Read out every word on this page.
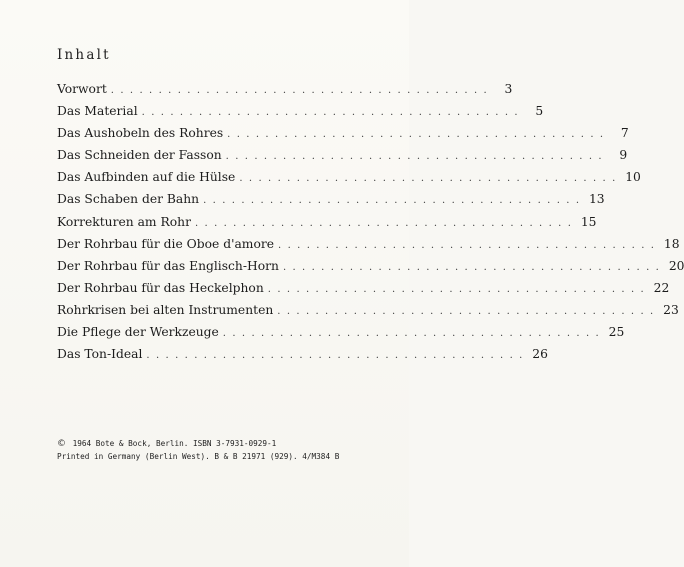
Inhalt
Vorwort . . . . . . . . . . . . . . . . . . . . . . . . . . . . . . . . . . . . . . . .	3
Das Material . . . . . . . . . . . . . . . . . . . . . . . . . . . . . . . . . . . . . . . .	5
Das Aushobeln des Rohres . . . . . . . . . . . . . . . . . . . . . . . . . . . . . . . . . . . . . . . .	7
Das Schneiden der Fasson . . . . . . . . . . . . . . . . . . . . . . . . . . . . . . . . . . . . . . . .	9
Das Aufbinden auf die Hülse . . . . . . . . . . . . . . . . . . . . . . . . . . . . . . . . . . . . . . . . 10
Das Schaben der Bahn . . . . . . . . . . . . . . . . . . . . . . . . . . . . . . . . . . . . . . . . 13
Korrekturen am Rohr . . . . . . . . . . . . . . . . . . . . . . . . . . . . . . . . . . . . . . . . 15
Der Rohrbau für die Oboe d'amore . . . . . . . . . . . . . . . . . . . . . . . . . . . . . . . . . . . . . . . . 18
Der Rohrbau für das Englisch-Horn . . . . . . . . . . . . . . . . . . . . . . . . . . . . . . . . . . . . . . . . 20
Der Rohrbau für das Heckelphon . . . . . . . . . . . . . . . . . . . . . . . . . . . . . . . . . . . . . . . . 22
Rohrkrisen bei alten Instrumenten . . . . . . . . . . . . . . . . . . . . . . . . . . . . . . . . . . . . . . . . 23
Die Pflege der Werkzeuge . . . . . . . . . . . . . . . . . . . . . . . . . . . . . . . . . . . . . . . . 25
Das Ton-Ideal . . . . . . . . . . . . . . . . . . . . . . . . . . . . . . . . . . . . . . . . 26
© 1964 Bote & Bock, Berlin. ISBN 3-7931-0929-1
Printed in Germany (Berlin West). B & B 21971 (929). 4/M384 B
